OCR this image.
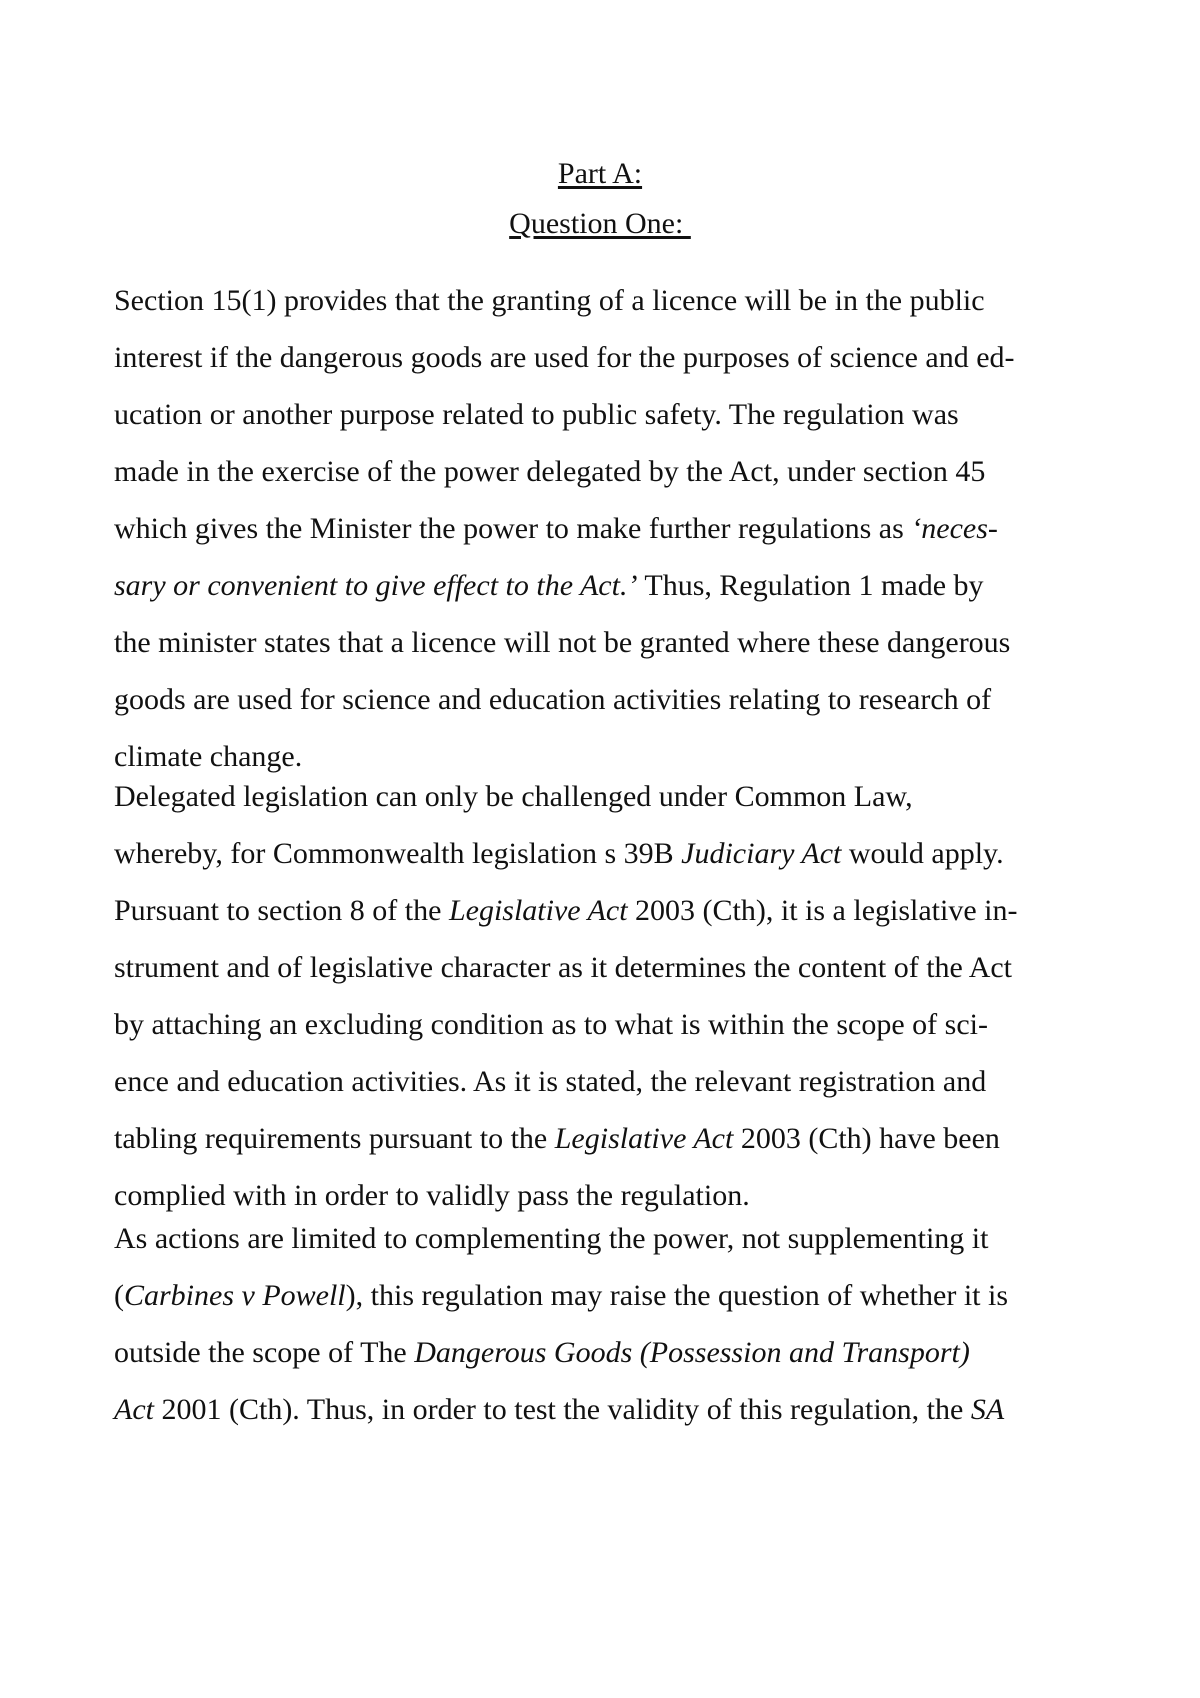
Part A:
Question One:
Section 15(1) provides that the granting of a licence will be in the public
interest if the dangerous goods are used for the purposes of science and ed-
ucation or another purpose related to public safety. The regulation was
made in the exercise of the power delegated by the Act, under section 45
which gives the Minister the power to make further regulations as ‘neces-
sary or convenient to give effect to the Act.’ Thus, Regulation 1 made by
the minister states that a licence will not be granted where these dangerous
goods are used for science and education activities relating to research of
climate change.
Delegated legislation can only be challenged under Common Law,
whereby, for Commonwealth legislation s 39B Judiciary Act would apply.
Pursuant to section 8 of the Legislative Act 2003 (Cth), it is a legislative in-
strument and of legislative character as it determines the content of the Act
by attaching an excluding condition as to what is within the scope of sci-
ence and education activities. As it is stated, the relevant registration and
tabling requirements pursuant to the Legislative Act 2003 (Cth) have been
complied with in order to validly pass the regulation.
As actions are limited to complementing the power, not supplementing it
(Carbines v Powell), this regulation may raise the question of whether it is
outside the scope of The Dangerous Goods (Possession and Transport)
Act 2001 (Cth). Thus, in order to test the validity of this regulation, the SA
